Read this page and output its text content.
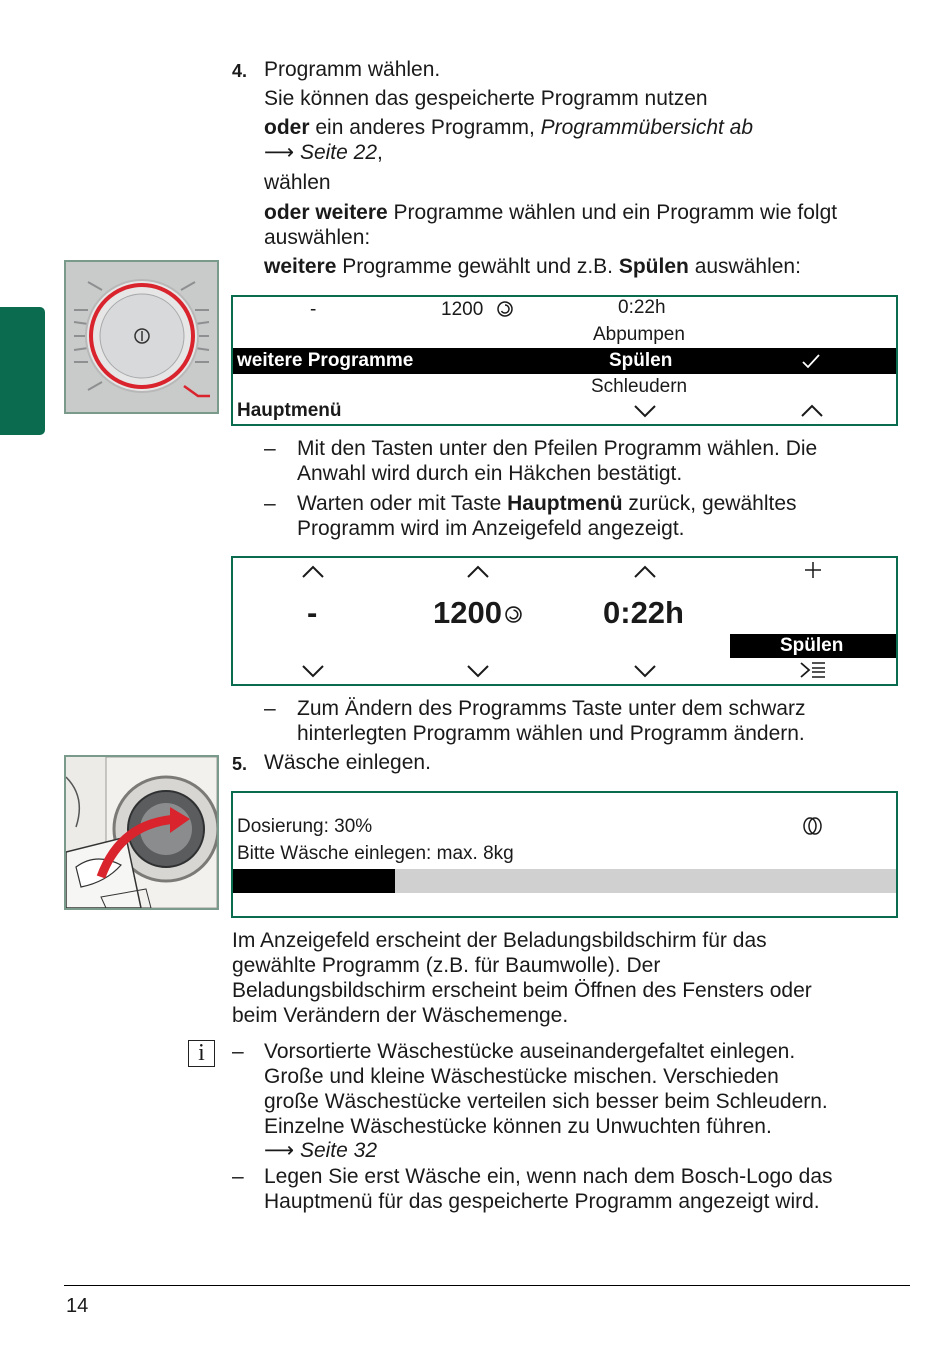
4. Programm wählen.
Sie können das gespeicherte Programm nutzen
oder ein anderes Programm, Programmübersicht ab
⟶ Seite 22,
wählen
oder weitere Programme wählen und ein Programm wie folgt
auswählen:
weitere Programme gewählt und z.B. Spülen auswählen:
-	1200	0:22h
Abpumpen
weitere Programme	Spülen
Schleudern
Hauptmenü
– Mit den Tasten unter den Pfeilen Programm wählen. Die
Anwahl wird durch ein Häkchen bestätigt.
– Warten oder mit Taste Hauptmenü zurück, gewähltes
Programm wird im Anzeigefeld angezeigt.
-	1200	0:22h
Spülen
– Zum Ändern des Programms Taste unter dem schwarz
hinterlegten Programm wählen und Programm ändern.
5. Wäsche einlegen.
Dosierung: 30%
Bitte Wäsche einlegen: max. 8kg
Im Anzeigefeld erscheint der Beladungsbildschirm für das
gewählte Programm (z.B. für Baumwolle). Der
Beladungsbildschirm erscheint beim Öffnen des Fensters oder
beim Verändern der Wäschemenge.
i	– Vorsortierte Wäschestücke auseinandergefaltet einlegen.
Große und kleine Wäschestücke mischen. Verschieden
große Wäschestücke verteilen sich besser beim Schleudern.
Einzelne Wäschestücke können zu Unwuchten führen.
⟶ Seite 32
– Legen Sie erst Wäsche ein, wenn nach dem Bosch-Logo das
Hauptmenü für das gespeicherte Programm angezeigt wird.
14
